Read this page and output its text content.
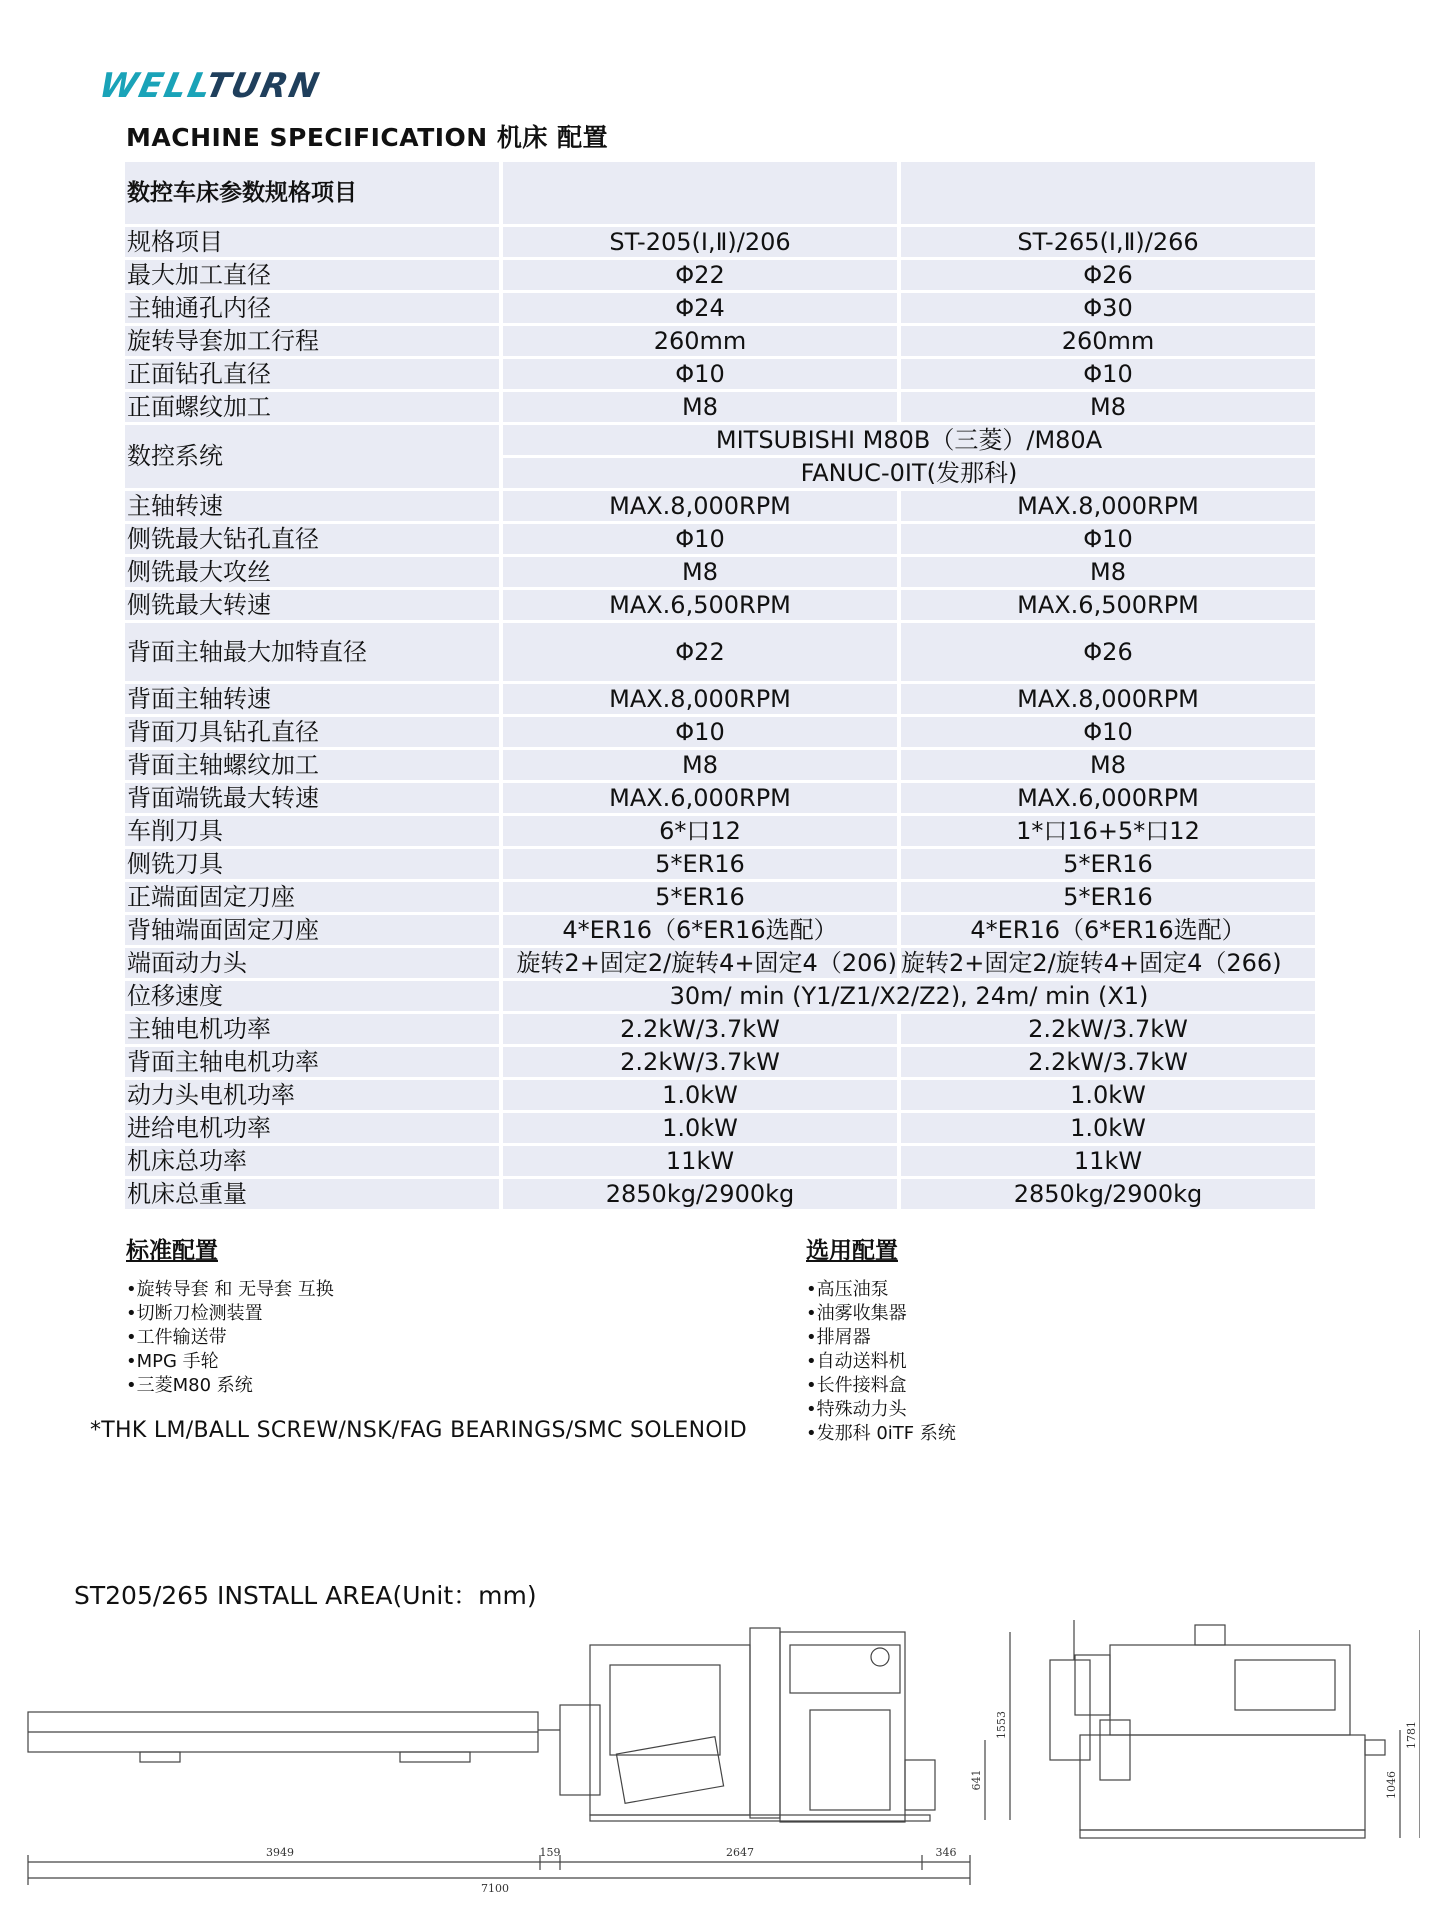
WELLTURN
MACHINE SPECIFICATION 机床 配置
数控车床参数规格项目		
规格项目	ST-205(Ⅰ,Ⅱ)/206	ST-265(Ⅰ,Ⅱ)/266
最大加工直径	Φ22	Φ26
主轴通孔内径	Φ24	Φ30
旋转导套加工行程	260mm	260mm
正面钻孔直径	Φ10	Φ10
正面螺纹加工	M8	M8
数控系统	MITSUBISHI M80B（三菱）/M80A
FANUC-0IT(发那科)	

主轴转速	MAX.8,000RPM	MAX.8,000RPM
侧铣最大钻孔直径	Φ10	Φ10
侧铣最大攻丝	M8	M8
侧铣最大转速	MAX.6,500RPM	MAX.6,500RPM
背面主轴最大加特直径	Φ22	Φ26
背面主轴转速	MAX.8,000RPM	MAX.8,000RPM
背面刀具钻孔直径	Φ10	Φ10
背面主轴螺纹加工	M8	M8
背面端铣最大转速	MAX.6,000RPM	MAX.6,000RPM
车削刀具	6*口12	1*口16+5*口12
侧铣刀具	5*ER16	5*ER16
正端面固定刀座	5*ER16	5*ER16
背轴端面固定刀座	4*ER16（6*ER16选配）	4*ER16（6*ER16选配）
端面动力头	旋转2+固定2/旋转4+固定4（206)	旋转2+固定2/旋转4+固定4（266)
位移速度	30m/ min (Y1/Z1/X2/Z2), 24m/ min (X1)	
主轴电机功率	2.2kW/3.7kW	2.2kW/3.7kW
背面主轴电机功率	2.2kW/3.7kW	2.2kW/3.7kW
动力头电机功率	1.0kW	1.0kW
进给电机功率	1.0kW	1.0kW
机床总功率	11kW	11kW
机床总重量	2850kg/2900kg	2850kg/2900kg
标准配置
• 旋转导套 和 无导套 互换
• 切断刀检测装置
• 工件输送带
• MPG 手轮
• 三菱M80 系统
选用配置
• 高压油泵
• 油雾收集器
• 排屑器
• 自动送料机
• 长件接料盒
• 特殊动力头
• 发那科 0iTF 系统
*THK LM/BALL SCREW/NSK/FAG BEARINGS/SMC SOLENOID
ST205/265 INSTALL AREA(Unit：mm)
3949	159	2647	346
7100
1553
641
1781
1046
